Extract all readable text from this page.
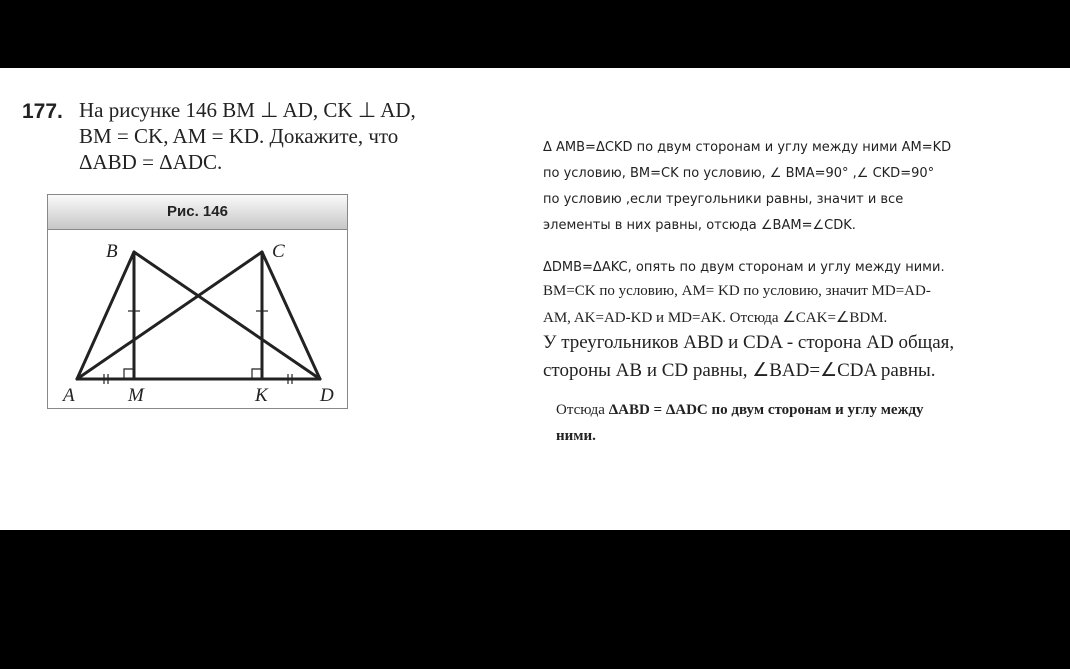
177. На рисунке 146 BM ⊥ AD, CK ⊥ AD,
BM = CK, AM = KD. Докажите, что
ΔABD = ΔADC.
Рис. 146
B	C
A	M	K	D
Δ AMB=ΔCKD по двум сторонам и углу между ними AM=KD
по условию, BM=CK по условию, ∠ BMA=90° ,∠ CKD=90°
по условию ,если треугольники равны, значит и все
элементы в них равны, отсюда ∠BAM=∠CDK.
ΔDMB=ΔAKC, опять по двум сторонам и углу между ними.
BM=CK по условию, AM= KD по условию, значит MD=AD-
AM, AK=AD-KD и MD=AK. Отсюда ∠CAK=∠BDM.
У треугольников ABD и CDA - сторона AD общая,
стороны AB и CD равны, ∠BAD=∠CDA равны.
Отсюда ΔABD = ΔADC по двум сторонам и углу между
ними.
